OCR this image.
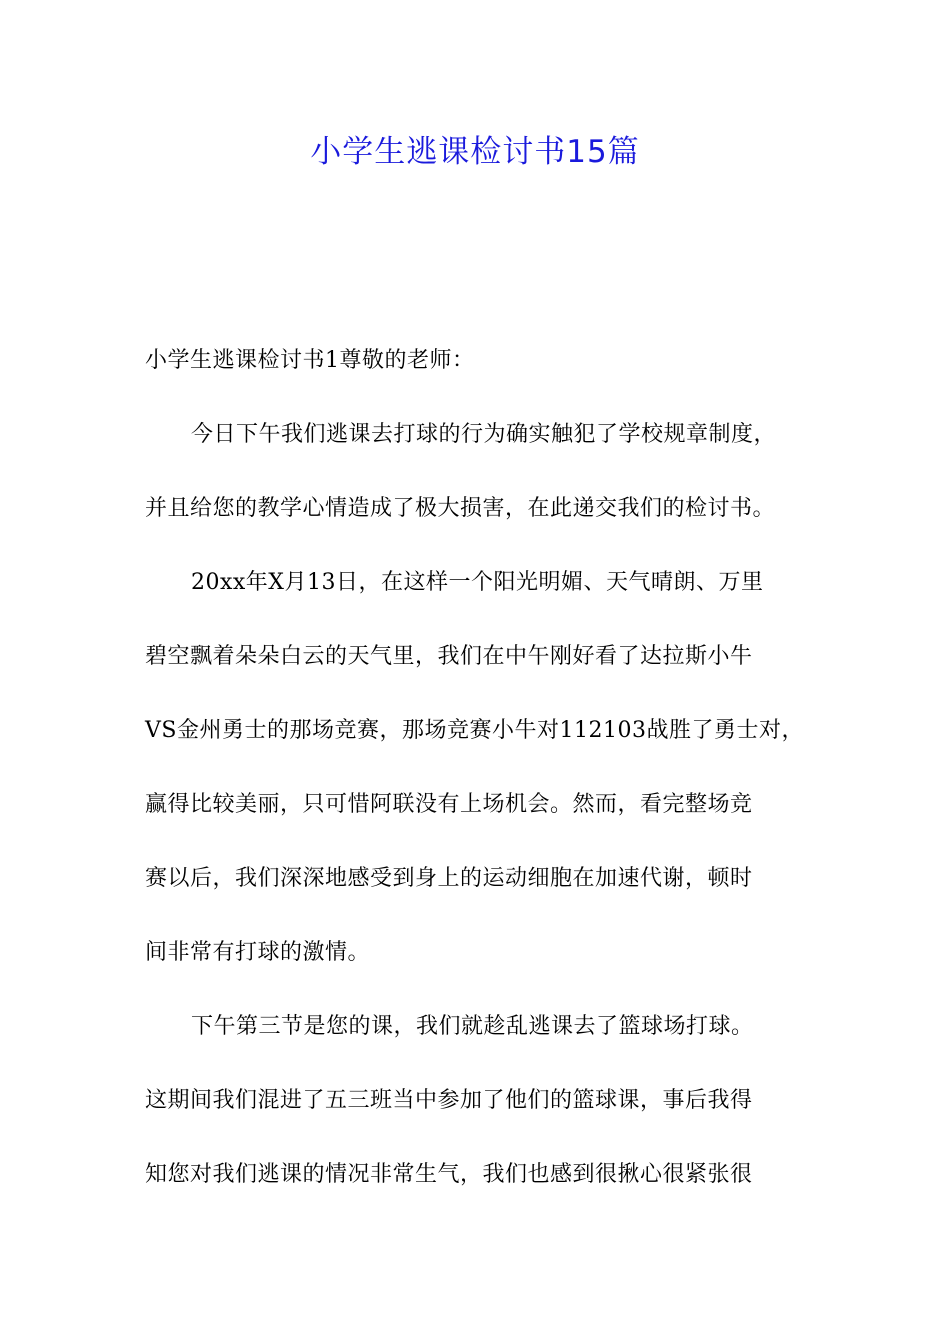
小学生逃课检讨书15篇
小学生逃课检讨书1尊敬的老师：
今日下午我们逃课去打球的行为确实触犯了学校规章制度，
并且给您的教学心情造成了极大损害，在此递交我们的检讨书。
20xx年X月13日，在这样一个阳光明媚、天气晴朗、万里
碧空飘着朵朵白云的天气里，我们在中午刚好看了达拉斯小牛
VS金州勇士的那场竞赛，那场竞赛小牛对112103战胜了勇士对，
赢得比较美丽，只可惜阿联没有上场机会。然而，看完整场竞
赛以后，我们深深地感受到身上的运动细胞在加速代谢，顿时
间非常有打球的激情。
下午第三节是您的课，我们就趁乱逃课去了篮球场打球。
这期间我们混进了五三班当中参加了他们的篮球课，事后我得
知您对我们逃课的情况非常生气，我们也感到很揪心很紧张很
